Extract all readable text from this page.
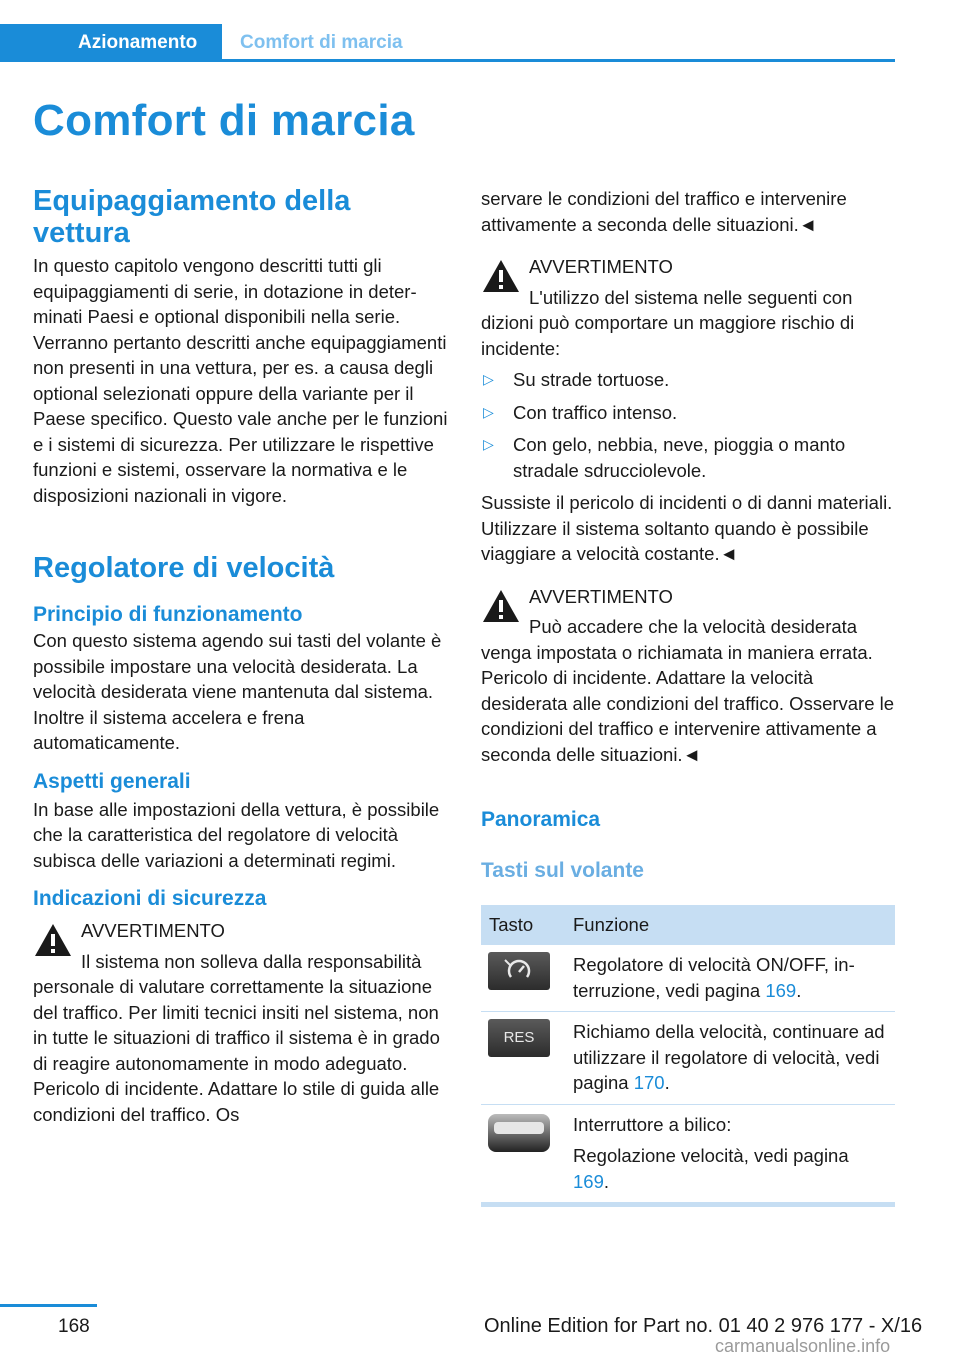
Azionamento	Comfort di marcia
Comfort di marcia
Equipaggiamento della vettura

In questo capitolo vengono descritti tutti gli equipaggiamenti di serie, in dotazione in determinati Paesi e optional disponibili nella serie. Verranno pertanto descritti anche equipaggiamenti non presenti in una vettura, per es. a causa degli optional selezionati oppure della variante per il Paese specifico. Questo vale anche per le funzioni e i sistemi di sicurezza. Per utilizzare le rispettive funzioni e sistemi, osservare la normativa e le disposizioni nazionali in vigore.

Regolatore di velocità
Principio di funzionamento

Con questo sistema agendo sui tasti del volante è possibile impostare una velocità desiderata. La velocità desiderata viene mantenuta dal sistema. Inoltre il sistema accelera e frena automaticamente.

Aspetti generali

In base alle impostazioni della vettura, è possibile che la caratteristica del regolatore di velocità subisca delle variazioni a determinati regimi.

Indicazioni di sicurezza

AVVERTIMENTO

Il sistema non solleva dalla responsabilità

personale di valutare correttamente la situazione del traffico. Per limiti tecnici insiti nel sistema, non in tutte le situazioni di traffico il sistema è in grado di reagire autonomamente in modo adeguato. Pericolo di incidente. Adattare lo stile di guida alle condizioni del traffico. Os

servare le condizioni del traffico e intervenire attivamente a seconda delle situazioni.◄

AVVERTIMENTO

L'utilizzo del sistema nelle seguenti con

dizioni può comportare un maggiore rischio di incidente:

▷ Su strade tortuose.
▷ Con traffico intenso.
▷ Con gelo, nebbia, neve, pioggia o manto stradale sdrucciolevole.

Sussiste il pericolo di incidenti o di danni materiali. Utilizzare il sistema soltanto quando è possibile viaggiare a velocità costante.◄

AVVERTIMENTO

Può accadere che la velocità desiderata

venga impostata o richiamata in maniera errata. Pericolo di incidente. Adattare la velocità desiderata alle condizioni del traffico. Osservare le condizioni del traffico e intervenire attivamente a seconda delle situazioni.◄

Panoramica
Tasti sul volante
Tasto	Funzione

	Regolatore di velocità ON/OFF, interruzione, vedi pagina 169.

RES	Richiamo della velocità, continuare ad utilizzare il regolatore di velocità, vedi pagina 170.

	Interruttore a bilico:

Regolazione velocità, vedi pagina 169.

168	Online Edition for Part no. 01 40 2 976 177 - X/16
carmanualsonline.info
